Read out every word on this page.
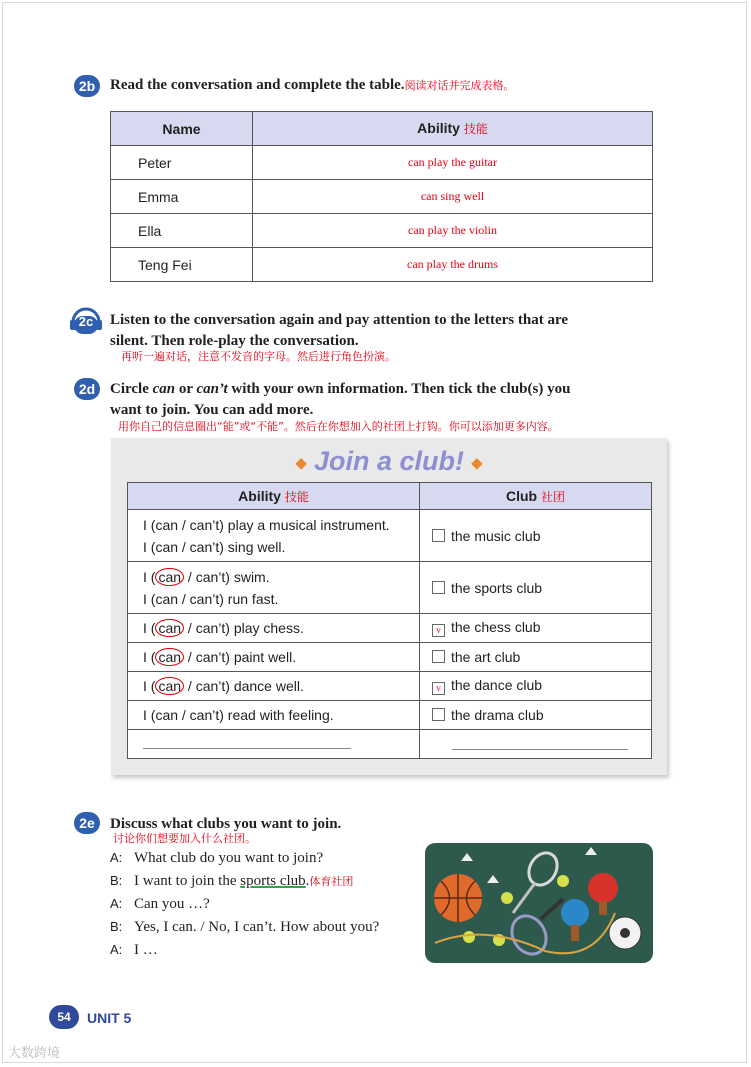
2b Read the conversation and complete the table.阅读对话并完成表格。
Name	Ability 技能
Peter	can play the guitar
Emma	can sing well
Ella	can play the violin
Teng Fei	can play the drums
2c	Listen to the conversation again and pay attention to the letters that are
silent. Then role-play the conversation.
再听一遍对话，注意不发音的字母。然后进行角色扮演。
2d Circle can or can’t with your own information. Then tick the club(s) you
want to join. You can add more.
用你自己的信息圈出“能”或“不能”。然后在你想加入的社团上打钩。你可以添加更多内容。
◆ Join a club! ◆
Ability 技能	Club 社团

I (can / can’t) play a musical instrument.
I (can / can’t) sing well.	the music club

I ( can / can’t) swim.
I (can / can’t) run fast.	the sports club
I ( can / can’t) play chess.	v the chess club
I ( can / can’t) paint well.	the art club
I ( can / can’t) dance well.	v the dance club
I (can / can’t) read with feeling.	the drama club

2e	Discuss what clubs you want to join.
讨论你们想要加入什么社团。
A: What club do you want to join?
B: I want to join the sports club.体育社团
A: Can you …?
B: Yes, I can. / No, I can’t. How about you?
A: I …
54	UNIT 5
大数跨境
